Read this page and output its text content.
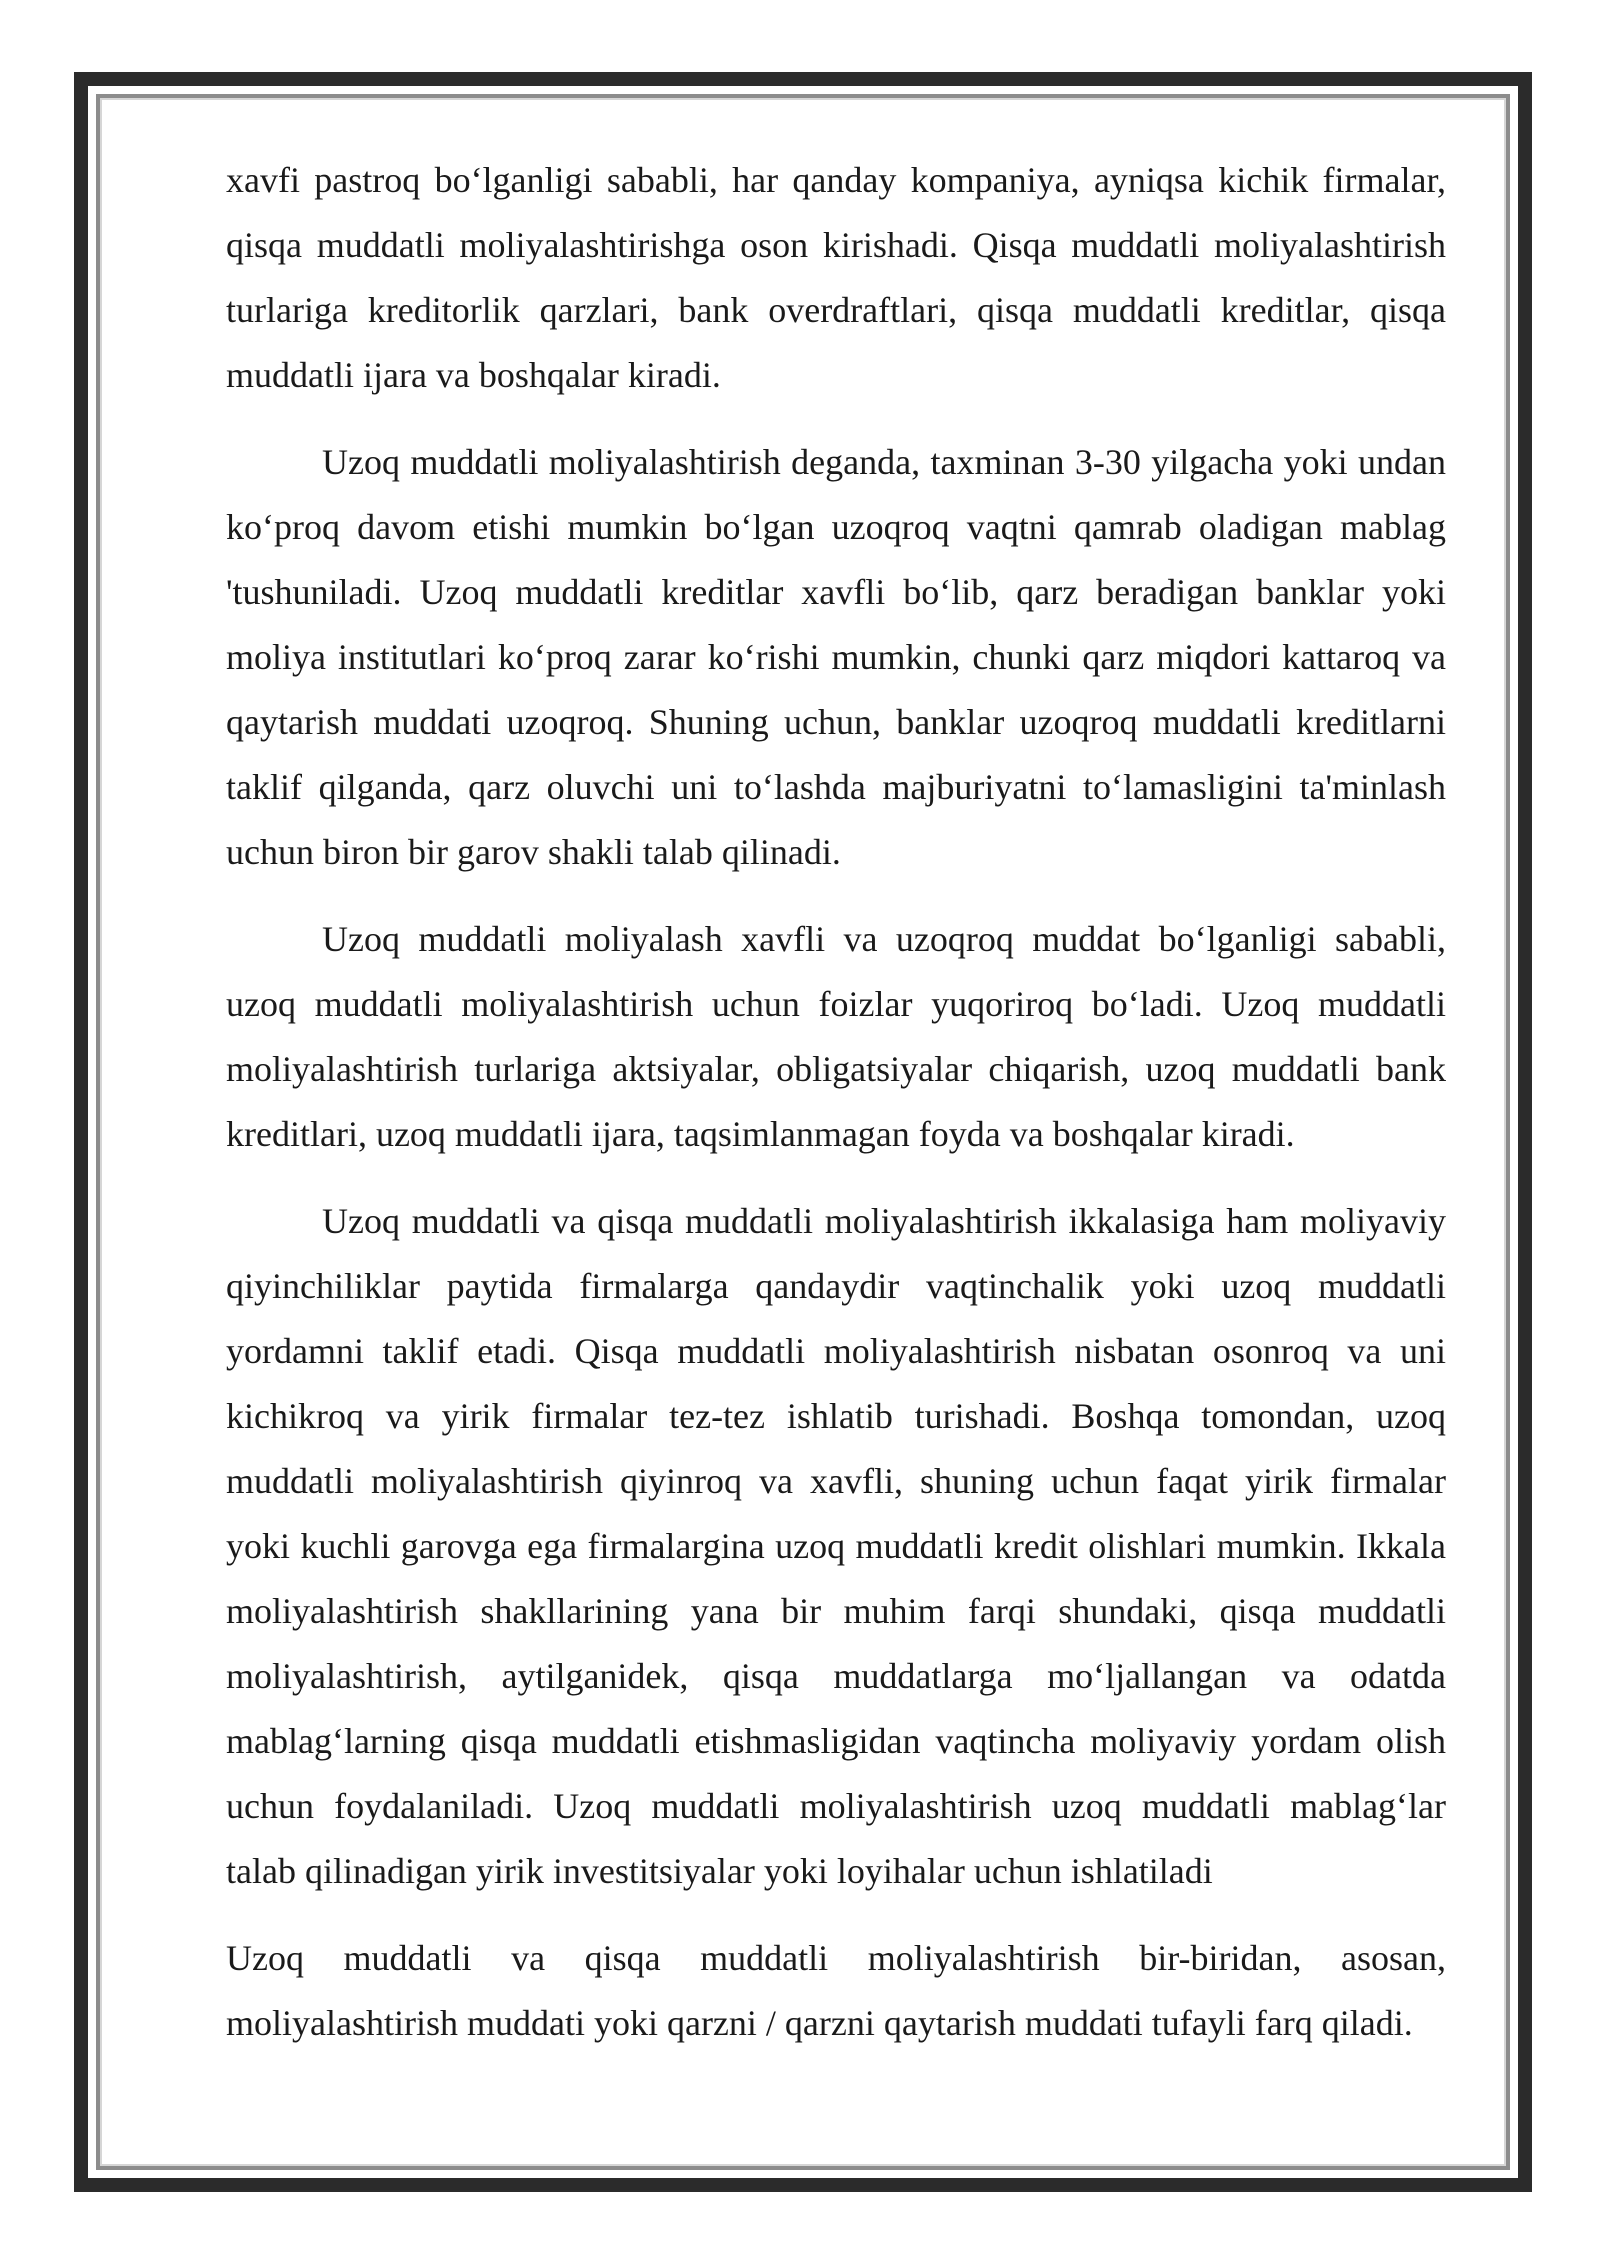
xavfi pastroq bo‘lganligi sababli, har qanday kompaniya, ayniqsa kichik firmalar, qisqa muddatli moliyalashtirishga oson kirishadi. Qisqa muddatli moliyalashtirish turlariga kreditorlik qarzlari, bank overdraftlari, qisqa muddatli kreditlar, qisqa muddatli ijara va boshqalar kiradi.

Uzoq muddatli moliyalashtirish deganda, taxminan 3-30 yilgacha yoki undan ko‘proq davom etishi mumkin bo‘lgan uzoqroq vaqtni qamrab oladigan mablag 'tushuniladi. Uzoq muddatli kreditlar xavfli bo‘lib, qarz beradigan banklar yoki moliya institutlari ko‘proq zarar ko‘rishi mumkin, chunki qarz miqdori kattaroq va qaytarish muddati uzoqroq. Shuning uchun, banklar uzoqroq muddatli kreditlarni taklif qilganda, qarz oluvchi uni to‘lashda majburiyatni to‘lamasligini ta'minlash uchun biron bir garov shakli talab qilinadi.

Uzoq muddatli moliyalash xavfli va uzoqroq muddat bo‘lganligi sababli, uzoq muddatli moliyalashtirish uchun foizlar yuqoriroq bo‘ladi. Uzoq muddatli moliyalashtirish turlariga aktsiyalar, obligatsiyalar chiqarish, uzoq muddatli bank kreditlari, uzoq muddatli ijara, taqsimlanmagan foyda va boshqalar kiradi.

Uzoq muddatli va qisqa muddatli moliyalashtirish ikkalasiga ham moliyaviy qiyinchiliklar paytida firmalarga qandaydir vaqtinchalik yoki uzoq muddatli yordamni taklif etadi. Qisqa muddatli moliyalashtirish nisbatan osonroq va uni kichikroq va yirik firmalar tez-tez ishlatib turishadi. Boshqa tomondan, uzoq muddatli moliyalashtirish qiyinroq va xavfli, shuning uchun faqat yirik firmalar yoki kuchli garovga ega firmalargina uzoq muddatli kredit olishlari mumkin. Ikkala moliyalashtirish shakllarining yana bir muhim farqi shundaki, qisqa muddatli moliyalashtirish, aytilganidek, qisqa muddatlarga mo‘ljallangan va odatda mablag‘larning qisqa muddatli etishmasligidan vaqtincha moliyaviy yordam olish uchun foydalaniladi. Uzoq muddatli moliyalashtirish uzoq muddatli mablag‘lar talab qilinadigan yirik investitsiyalar yoki loyihalar uchun ishlatiladi

Uzoq muddatli va qisqa muddatli moliyalashtirish bir-biridan, asosan, moliyalashtirish muddati yoki qarzni / qarzni qaytarish muddati tufayli farq qiladi.
